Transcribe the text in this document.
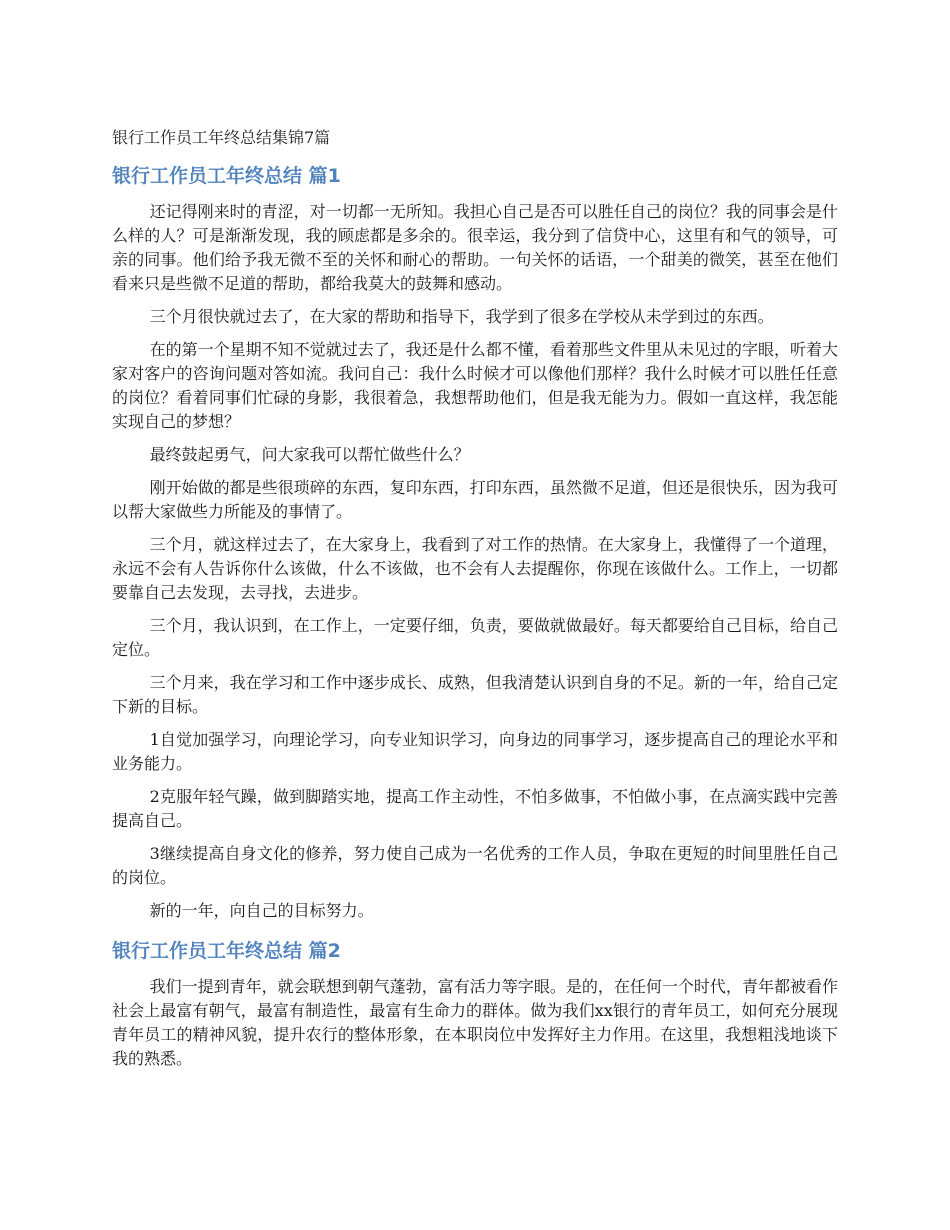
银行工作员工年终总结集锦7篇
银行工作员工年终总结 篇1

还记得刚来时的青涩，对一切都一无所知。我担心自己是否可以胜任自己的岗位？我的同事会是什么样的人？可是渐渐发现，我的顾虑都是多余的。很幸运，我分到了信贷中心，这里有和气的领导，可亲的同事。他们给予我无微不至的关怀和耐心的帮助。一句关怀的话语，一个甜美的微笑，甚至在他们看来只是些微不足道的帮助，都给我莫大的鼓舞和感动。

三个月很快就过去了，在大家的帮助和指导下，我学到了很多在学校从未学到过的东西。

在的第一个星期不知不觉就过去了，我还是什么都不懂，看着那些文件里从未见过的字眼，听着大家对客户的咨询问题对答如流。我问自己：我什么时候才可以像他们那样？我什么时候才可以胜任任意的岗位？看着同事们忙碌的身影，我很着急，我想帮助他们，但是我无能为力。假如一直这样，我怎能实现自己的梦想？

最终鼓起勇气，问大家我可以帮忙做些什么？

刚开始做的都是些很琐碎的东西，复印东西，打印东西，虽然微不足道，但还是很快乐，因为我可以帮大家做些力所能及的事情了。

三个月，就这样过去了，在大家身上，我看到了对工作的热情。在大家身上，我懂得了一个道理，永远不会有人告诉你什么该做，什么不该做，也不会有人去提醒你，你现在该做什么。工作上，一切都要靠自己去发现，去寻找，去进步。

三个月，我认识到，在工作上，一定要仔细，负责，要做就做最好。每天都要给自己目标，给自己定位。

三个月来，我在学习和工作中逐步成长、成熟，但我清楚认识到自身的不足。新的一年，给自己定下新的目标。

1自觉加强学习，向理论学习，向专业知识学习，向身边的同事学习，逐步提高自己的理论水平和业务能力。

2克服年轻气躁，做到脚踏实地，提高工作主动性，不怕多做事，不怕做小事，在点滴实践中完善提高自己。

3继续提高自身文化的修养，努力使自己成为一名优秀的工作人员，争取在更短的时间里胜任自己的岗位。

新的一年，向自己的目标努力。

银行工作员工年终总结 篇2

我们一提到青年，就会联想到朝气蓬勃，富有活力等字眼。是的，在任何一个时代，青年都被看作社会上最富有朝气，最富有制造性，最富有生命力的群体。做为我们xx银行的青年员工，如何充分展现青年员工的精神风貌，提升农行的整体形象，在本职岗位中发挥好主力作用。在这里，我想粗浅地谈下我的熟悉。
